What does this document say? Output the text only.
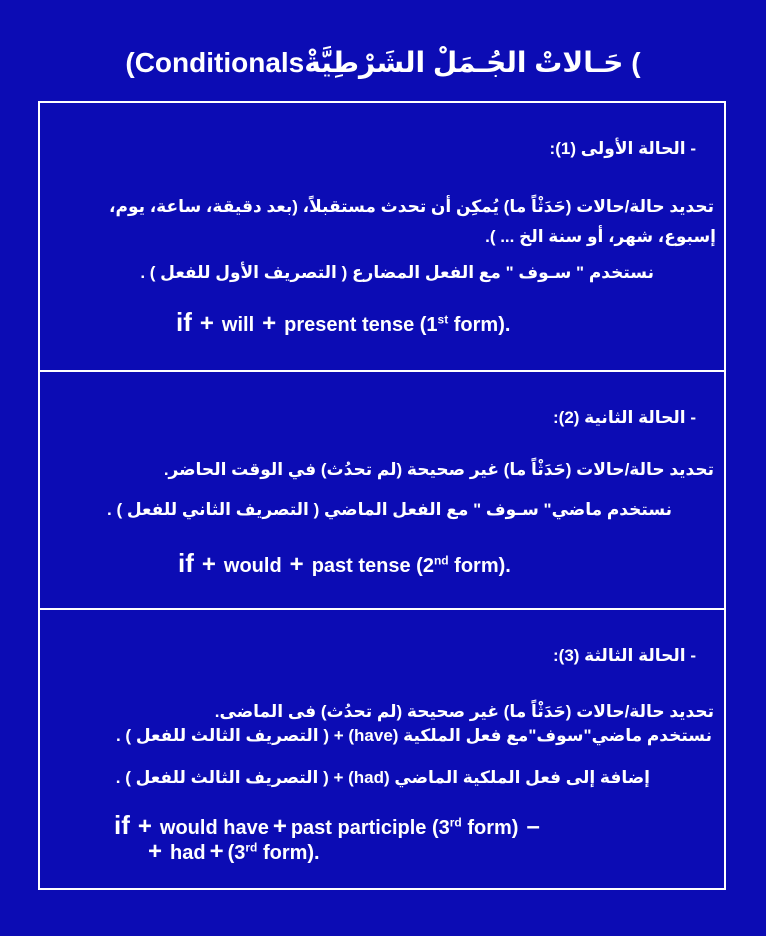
(Conditionalsحَـالاتْ الجُـمَلْ الشَرْطِيَّةْ (
- الحالة الأولى (1):
تحديد حالة/حالات (حَدَثْاً ما) يُمكِن أن تحدث مستقبلاً، (بعد دقيقة، ساعة، يوم،
إسبوع، شهر، أو سنة الخ ... ).
نستخدم " سـوف " مع الفعل المضارع ( التصريف الأول للفعل ) .
if + will + present tense (1st form).
- الحالة الثانية (2):
تحديد حالة/حالات (حَدَثْاً ما) غير صحيحة (لم تحدُث) في الوقت الحاضر.
نستخدم ماضي" سـوف " مع الفعل الماضي ( التصريف الثاني للفعل ) .
if + would + past tense (2nd form).
- الحالة الثالثة (3):
تحديد حالة/حالات (حَدَثْاً ما) غير صحيحة (لم تحدُث) فى الماضى.
نستخدم ماضي"سوف"مع فعل الملكية (have) + ( التصريف الثالث للفعل ) .
إضافة إلى فعل الملكية الماضي (had) + ( التصريف الثالث للفعل ) .
if + would have + past participle (3rd form) –
+ had + (3rd form).
